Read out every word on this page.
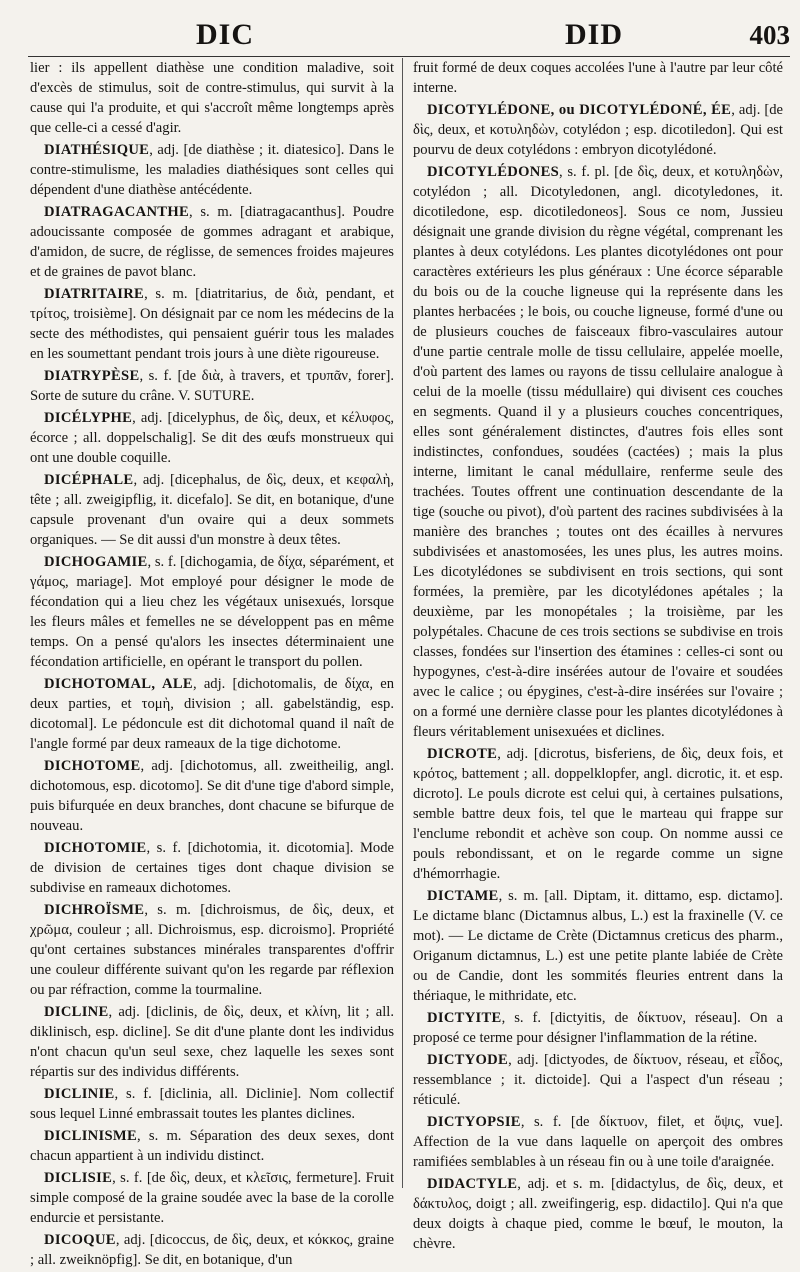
DIC	DID	403

lier : ils appellent diathèse une condition maladive, soit d'excès de stimulus, soit de contre-stimulus, qui survit à la cause qui l'a produite, et qui s'accroît même longtemps après que celle-ci a cessé d'agir.

DIATHÉSIQUE, adj. [de diathèse ; it. diatesico]. Dans le contre-stimulisme, les maladies diathésiques sont celles qui dépendent d'une diathèse antécédente.

DIATRAGACANTHE, s. m. [diatragacanthus]. Poudre adoucissante composée de gommes adragant et arabique, d'amidon, de sucre, de réglisse, de semences froides majeures et de graines de pavot blanc.

DIATRITAIRE, s. m. [diatritarius, de διὰ, pendant, et τρίτος, troisième]. On désignait par ce nom les médecins de la secte des méthodistes, qui pensaient guérir tous les malades en les soumettant pendant trois jours à une diète rigoureuse.

DIATRYPÈSE, s. f. [de διὰ, à travers, et τρυπᾶν, forer]. Sorte de suture du crâne. V. SUTURE.

DICÉLYPHE, adj. [dicelyphus, de δὶς, deux, et κέλυφος, écorce ; all. doppelschalig]. Se dit des œufs monstrueux qui ont une double coquille.

DICÉPHALE, adj. [dicephalus, de δὶς, deux, et κεφαλὴ, tête ; all. zweigipflig, it. dicefalo]. Se dit, en botanique, d'une capsule provenant d'un ovaire qui a deux sommets organiques. — Se dit aussi d'un monstre à deux têtes.

DICHOGAMIE, s. f. [dichogamia, de δίχα, séparément, et γάμος, mariage]. Mot employé pour désigner le mode de fécondation qui a lieu chez les végétaux unisexués, lorsque les fleurs mâles et femelles ne se développent pas en même temps. On a pensé qu'alors les insectes déterminaient une fécondation artificielle, en opérant le transport du pollen.

DICHOTOMAL, ALE, adj. [dichotomalis, de δίχα, en deux parties, et τομὴ, division ; all. gabelständig, esp. dicotomal]. Le pédoncule est dit dichotomal quand il naît de l'angle formé par deux rameaux de la tige dichotome.

DICHOTOME, adj. [dichotomus, all. zweitheilig, angl. dichotomous, esp. dicotomo]. Se dit d'une tige d'abord simple, puis bifurquée en deux branches, dont chacune se bifurque de nouveau.

DICHOTOMIE, s. f. [dichotomia, it. dicotomia]. Mode de division de certaines tiges dont chaque division se subdivise en rameaux dichotomes.

DICHROÏSME, s. m. [dichroismus, de δὶς, deux, et χρῶμα, couleur ; all. Dichroismus, esp. dicroismo]. Propriété qu'ont certaines substances minérales transparentes d'offrir une couleur différente suivant qu'on les regarde par réflexion ou par réfraction, comme la tourmaline.

DICLINE, adj. [diclinis, de δὶς, deux, et κλίνη, lit ; all. diklinisch, esp. dicline]. Se dit d'une plante dont les individus n'ont chacun qu'un seul sexe, chez laquelle les sexes sont répartis sur des individus différents.

DICLINIE, s. f. [diclinia, all. Diclinie]. Nom collectif sous lequel Linné embrassait toutes les plantes diclines.

DICLINISME, s. m. Séparation des deux sexes, dont chacun appartient à un individu distinct.

DICLISIE, s. f. [de δὶς, deux, et κλεῖσις, fermeture]. Fruit simple composé de la graine soudée avec la base de la corolle endurcie et persistante.

DICOQUE, adj. [dicoccus, de δὶς, deux, et κόκκος, graine ; all. zweiknöpfig]. Se dit, en botanique, d'un

fruit formé de deux coques accolées l'une à l'autre par leur côté interne.

DICOTYLÉDONE, ou DICOTYLÉDONÉ, ÉE, adj. [de δὶς, deux, et κοτυληδὼν, cotylédon ; esp. dicotiledon]. Qui est pourvu de deux cotylédons : embryon dicotylédoné.

DICOTYLÉDONES, s. f. pl. [de δὶς, deux, et κοτυληδὼν, cotylédon ; all. Dicotyledonen, angl. dicotyledones, it. dicotiledone, esp. dicotiledoneos]. Sous ce nom, Jussieu désignait une grande division du règne végétal, comprenant les plantes à deux cotylédons. Les plantes dicotylédones ont pour caractères extérieurs les plus généraux : Une écorce séparable du bois ou de la couche ligneuse qui la représente dans les plantes herbacées ; le bois, ou couche ligneuse, formé d'une ou de plusieurs couches de faisceaux fibro-vasculaires autour d'une partie centrale molle de tissu cellulaire, appelée moelle, d'où partent des lames ou rayons de tissu cellulaire analogue à celui de la moelle (tissu médullaire) qui divisent ces couches en segments. Quand il y a plusieurs couches concentriques, elles sont généralement distinctes, d'autres fois elles sont indistinctes, confondues, soudées (cactées) ; mais la plus interne, limitant le canal médullaire, renferme seule des trachées. Toutes offrent une continuation descendante de la tige (souche ou pivot), d'où partent des racines subdivisées à la manière des branches ; toutes ont des écailles à nervures subdivisées et anastomosées, les unes plus, les autres moins. Les dicotylédones se subdivisent en trois sections, qui sont formées, la première, par les dicotylédones apétales ; la deuxième, par les monopétales ; la troisième, par les polypétales. Chacune de ces trois sections se subdivise en trois classes, fondées sur l'insertion des étamines : celles-ci sont ou hypogynes, c'est-à-dire insérées autour de l'ovaire et soudées avec le calice ; ou épygines, c'est-à-dire insérées sur l'ovaire ; on a formé une dernière classe pour les plantes dicotylédones à fleurs véritablement unisexuées et diclines.

DICROTE, adj. [dicrotus, bisferiens, de δὶς, deux fois, et κρότος, battement ; all. doppelklopfer, angl. dicrotic, it. et esp. dicroto]. Le pouls dicrote est celui qui, à certaines pulsations, semble battre deux fois, tel que le marteau qui frappe sur l'enclume rebondit et achève son coup. On nomme aussi ce pouls rebondissant, et on le regarde comme un signe d'hémorrhagie.

DICTAME, s. m. [all. Diptam, it. dittamo, esp. dictamo]. Le dictame blanc (Dictamnus albus, L.) est la fraxinelle (V. ce mot). — Le dictame de Crète (Dictamnus creticus des pharm., Origanum dictamnus, L.) est une petite plante labiée de Crète ou de Candie, dont les sommités fleuries entrent dans la thériaque, le mithridate, etc.

DICTYITE, s. f. [dictyitis, de δίκτυον, réseau]. On a proposé ce terme pour désigner l'inflammation de la rétine.

DICTYODE, adj. [dictyodes, de δίκτυον, réseau, et εἶδος, ressemblance ; it. dictoide]. Qui a l'aspect d'un réseau ; réticulé.

DICTYOPSIE, s. f. [de δίκτυον, filet, et ὄψις, vue]. Affection de la vue dans laquelle on aperçoit des ombres ramifiées semblables à un réseau fin ou à une toile d'araignée.

DIDACTYLE, adj. et s. m. [didactylus, de δὶς, deux, et δάκτυλος, doigt ; all. zweifingerig, esp. didactilo]. Qui n'a que deux doigts à chaque pied, comme le bœuf, le mouton, la chèvre.
